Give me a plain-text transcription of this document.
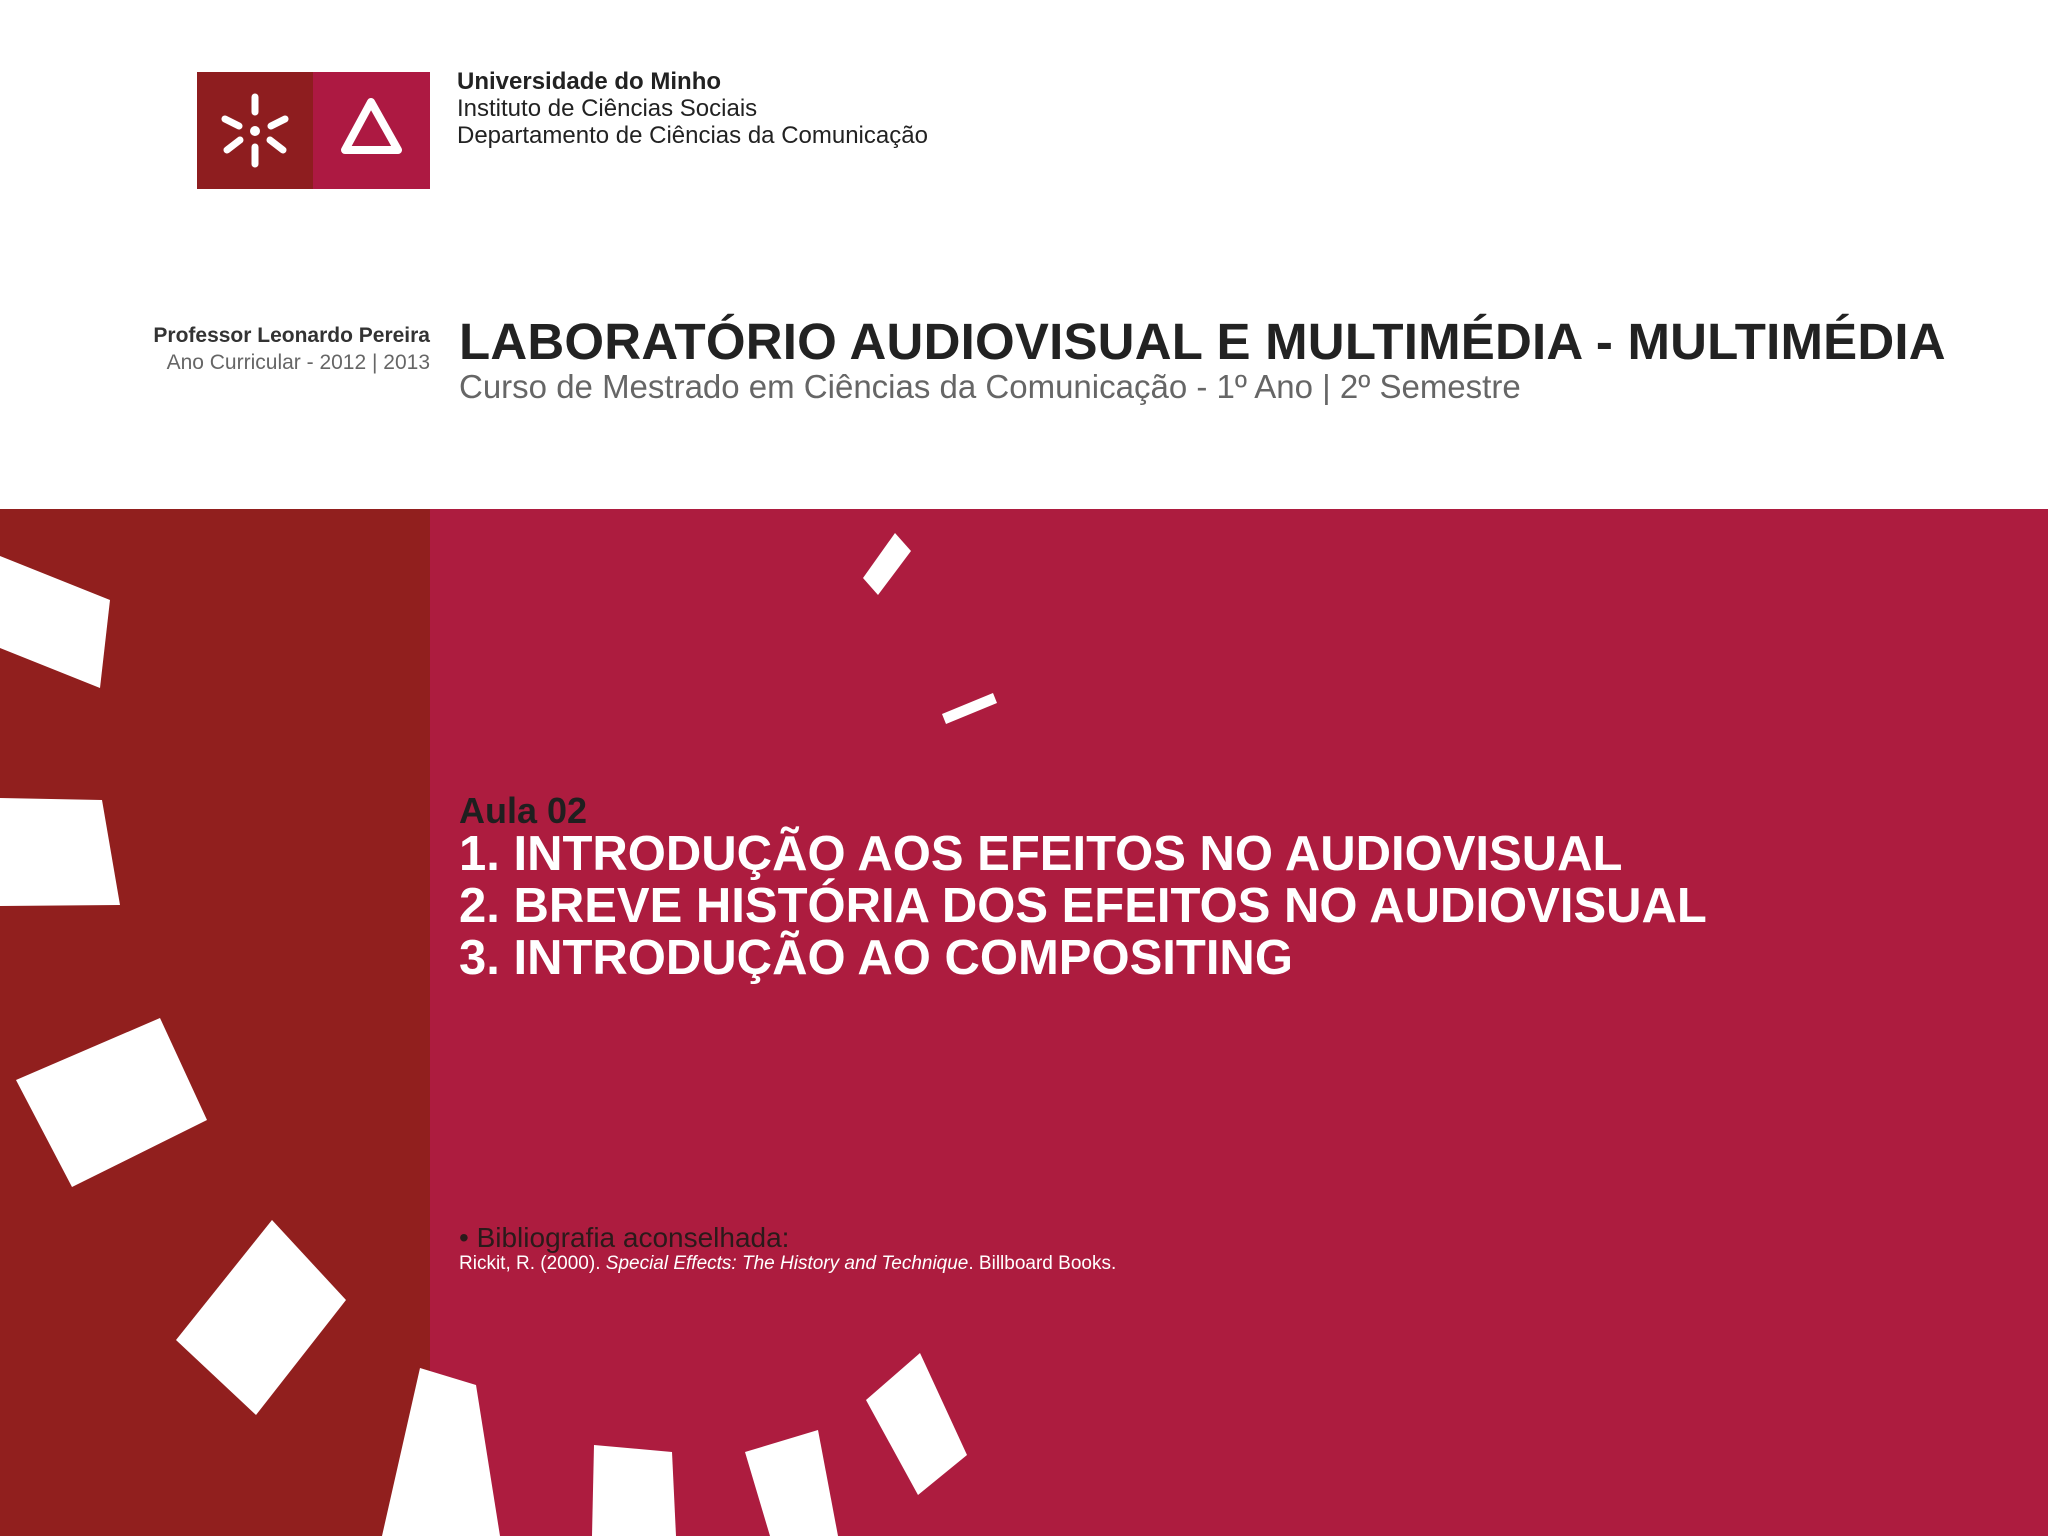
Universidade do Minho
Instituto de Ciências Sociais
Departamento de Ciências da Comunicação
Professor Leonardo Pereira
Ano Curricular - 2012 | 2013 LABORATÓRIO AUDIOVISUAL E MULTIMÉDIA - MULTIMÉDIA
Curso de Mestrado em Ciências da Comunicação - 1º Ano | 2º Semestre
Aula 02
1. INTRODUÇÃO AOS EFEITOS NO AUDIOVISUAL
2. BREVE HISTÓRIA DOS EFEITOS NO AUDIOVISUAL
3. INTRODUÇÃO AO COMPOSITING
• Bibliografia aconselhada:
Rickit, R. (2000). Special Effects: The History and Technique. Billboard Books.
